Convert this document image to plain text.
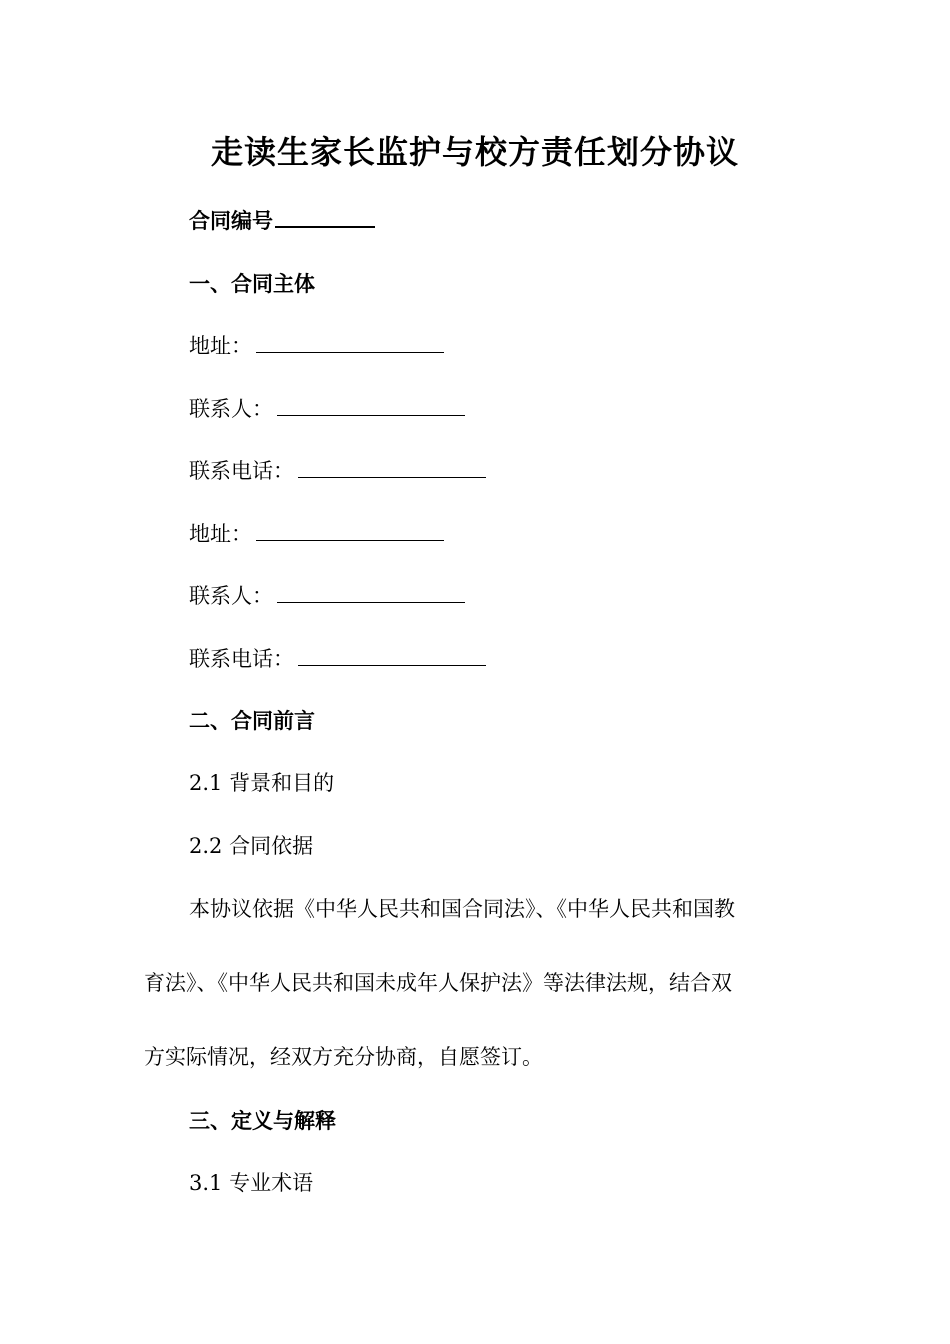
走读生家长监护与校方责任划分协议
合同编号
一、合同主体
地址：
联系人：
联系电话：
地址：
联系人：
联系电话：
二、合同前言
2.1 背景和目的
2.2 合同依据
本协议依据《中华人民共和国合同法》、《中华人民共和国教
育法》、《中华人民共和国未成年人保护法》等法律法规，结合双
方实际情况，经双方充分协商，自愿签订。
三、定义与解释
3.1 专业术语
